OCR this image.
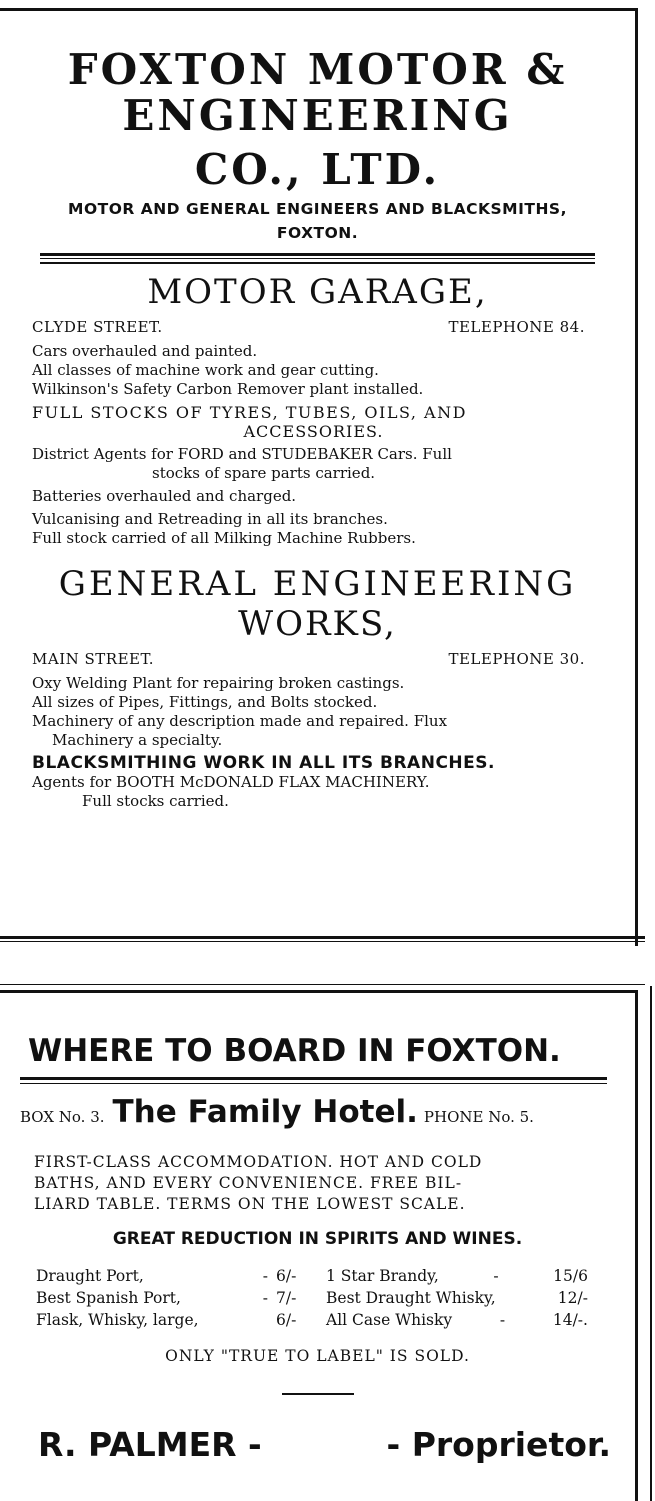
FOXTON MOTOR &
ENGINEERING
CO., LTD.
MOTOR AND GENERAL ENGINEERS AND BLACKSMITHS,
FOXTON.
MOTOR GARAGE,
CLYDE STREET.	TELEPHONE 84.
Cars overhauled and painted.
All classes of machine work and gear cutting.
Wilkinson's Safety Carbon Remover plant installed.
FULL STOCKS OF TYRES, TUBES, OILS, AND
ACCESSORIES.
District Agents for FORD and STUDEBAKER Cars. Full
stocks of spare parts carried.
Batteries overhauled and charged.
Vulcanising and Retreading in all its branches.
Full stock carried of all Milking Machine Rubbers.
GENERAL ENGINEERING
WORKS,
MAIN STREET.	TELEPHONE 30.
Oxy Welding Plant for repairing broken castings.
All sizes of Pipes, Fittings, and Bolts stocked.
Machinery of any description made and repaired. Flux
Machinery a specialty.
BLACKSMITHING WORK IN ALL ITS BRANCHES.
Agents for BOOTH McDONALD FLAX MACHINERY.
Full stocks carried.
WHERE TO BOARD IN FOXTON.
BOX No. 3. The Family Hotel. PHONE No. 5.
FIRST-CLASS ACCOMMODATION. HOT AND COLD
BATHS, AND EVERY CONVENIENCE. FREE BIL-
LIARD TABLE. TERMS ON THE LOWEST SCALE.
GREAT REDUCTION IN SPIRITS AND WINES.
Draught Port,	- 6/-	1 Star Brandy,	-	15/6
Best Spanish Port,	- 7/-	Best Draught Whisky,	12/-
Flask, Whisky, large,	6/-	All Case Whisky	-	14/-.
ONLY "TRUE TO LABEL" IS SOLD.
R. PALMER -	- Proprietor.
